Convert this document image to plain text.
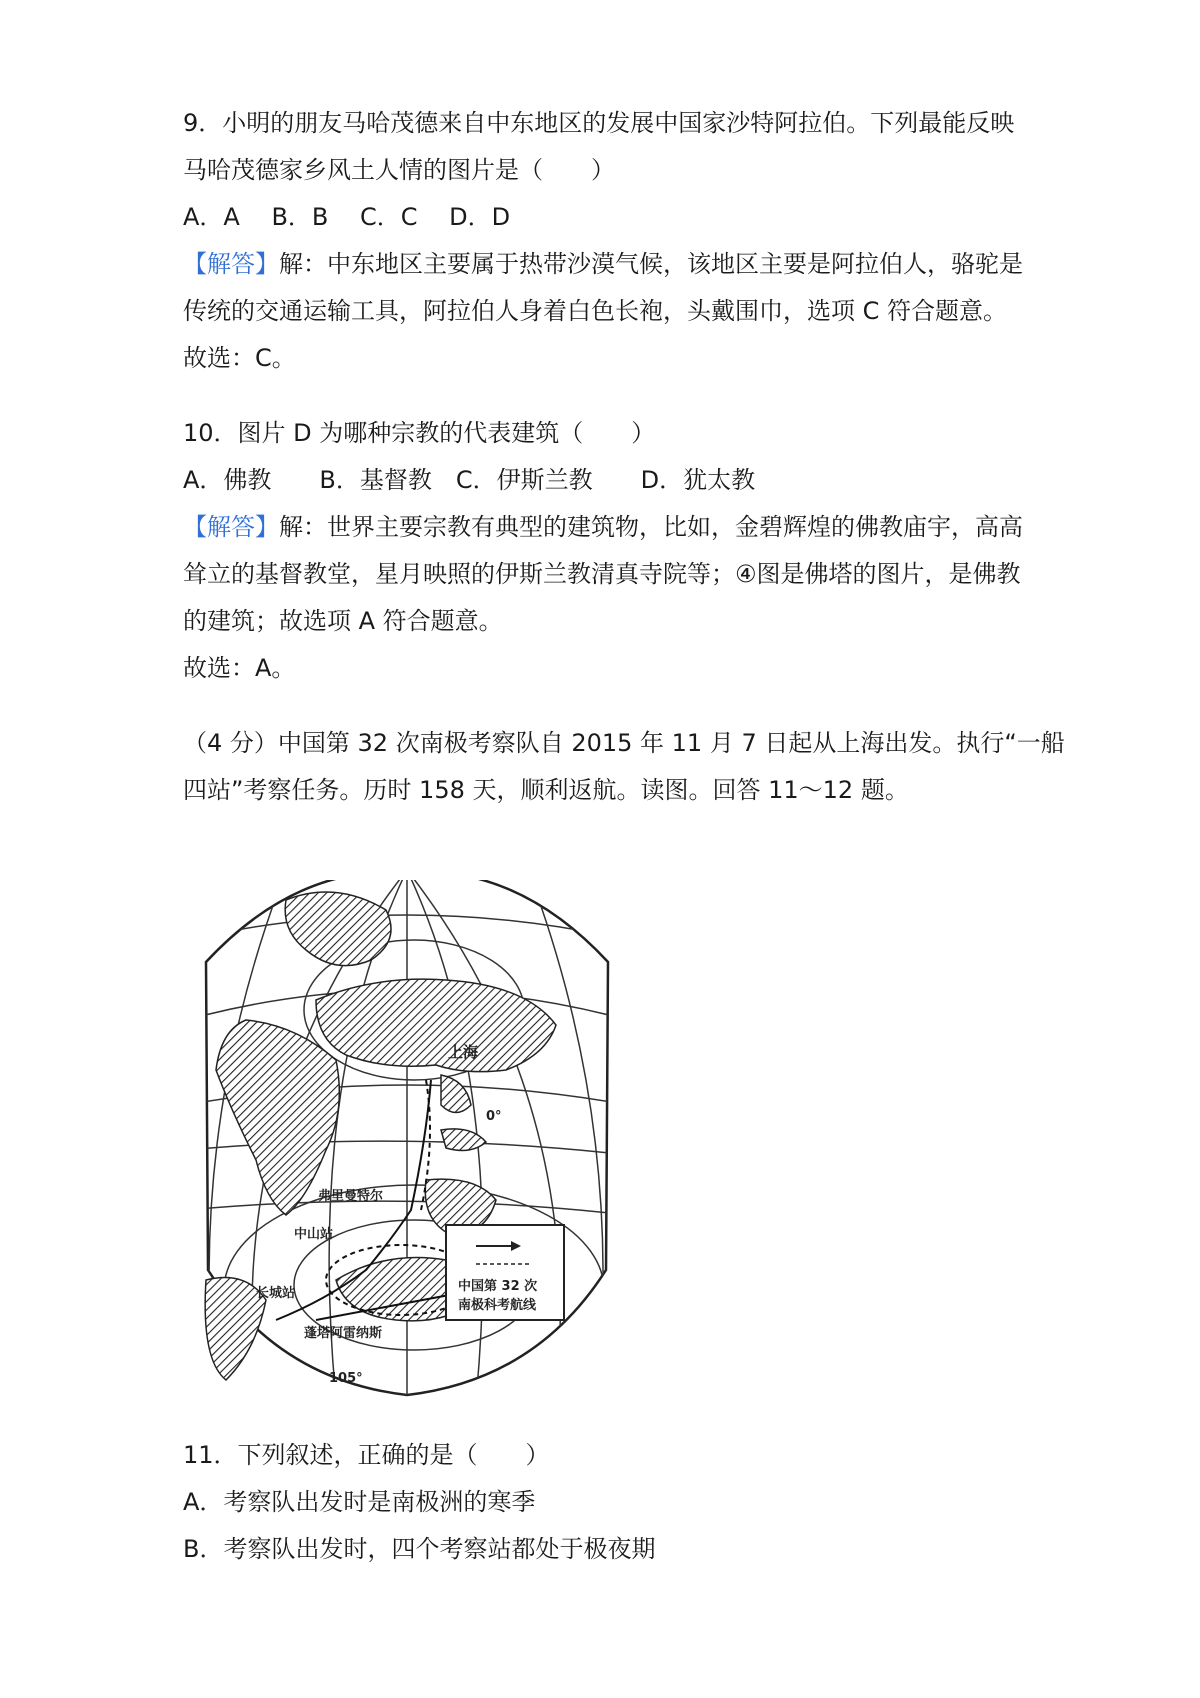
9．小明的朋友马哈茂德来自中东地区的发展中国家沙特阿拉伯。下列最能反映
马哈茂德家乡风土人情的图片是（　　）
A．A　 B．B　 C．C　 D．D
【解答】解：中东地区主要属于热带沙漠气候，该地区主要是阿拉伯人，骆驼是
传统的交通运输工具，阿拉伯人身着白色长袍，头戴围巾，选项 C 符合题意。
故选：C。
10．图片 D 为哪种宗教的代表建筑（　　）
A．佛教　　B．基督教　C．伊斯兰教　　D．犹太教
【解答】解：世界主要宗教有典型的建筑物，比如，金碧辉煌的佛教庙宇，高高
耸立的基督教堂，星月映照的伊斯兰教清真寺院等；④图是佛塔的图片，是佛教
的建筑；故选项 A 符合题意。
故选：A。
（4 分）中国第 32 次南极考察队自 2015 年 11 月 7 日起从上海出发。执行“一船
四站”考察任务。历时 158 天，顺利返航。读图。回答 11～12 题。
上海
0°
弗里曼特尔
中山站
长城站
蓬塔阿雷纳斯
105°
中国第 32 次
南极科考航线
11．下列叙述，正确的是（　　）
A．考察队出发时是南极洲的寒季
B．考察队出发时，四个考察站都处于极夜期
